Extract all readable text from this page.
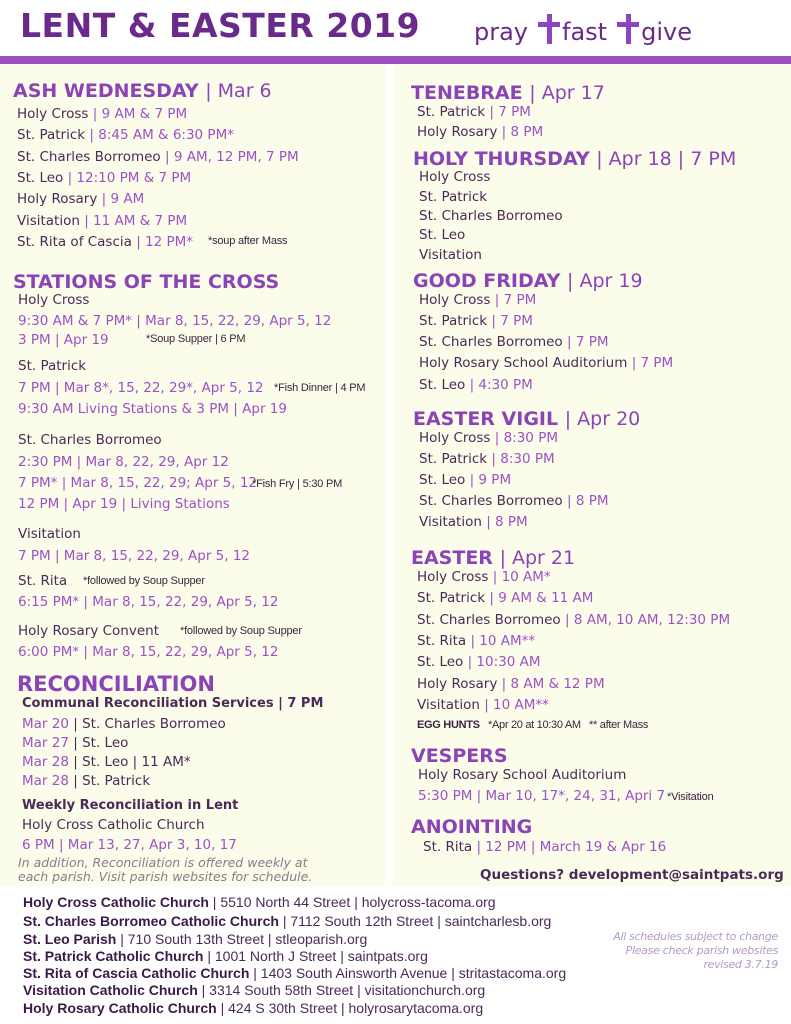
LENT & EASTER 2019 pray fast give
ASH WEDNESDAY | Mar 6
Holy Cross | 9 AM & 7 PM
St. Patrick | 8:45 AM & 6:30 PM*
St. Charles Borromeo | 9 AM, 12 PM, 7 PM
St. Leo | 12:10 PM & 7 PM
Holy Rosary | 9 AM
Visitation | 11 AM & 7 PM
St. Rita of Cascia | 12 PM* *soup after Mass
STATIONS OF THE CROSS
Holy Cross
9:30 AM & 7 PM* | Mar 8, 15, 22, 29, Apr 5, 12
3 PM | Apr 19	*Soup Supper | 6 PM
St. Patrick
7 PM | Mar 8*, 15, 22, 29*, Apr 5, 12 *Fish Dinner | 4 PM
9:30 AM Living Stations & 3 PM | Apr 19
St. Charles Borromeo
2:30 PM | Mar 8, 22, 29, Apr 12
7 PM* | Mar 8, 15, 22, 29; Apr 5, 12
*Fish Fry | 5:30 PM
12 PM | Apr 19 | Living Stations
Visitation
7 PM | Mar 8, 15, 22, 29, Apr 5, 12
St. Rita *followed by Soup Supper
6:15 PM* | Mar 8, 15, 22, 29, Apr 5, 12
Holy Rosary Convent *followed by Soup Supper
6:00 PM* | Mar 8, 15, 22, 29, Apr 5, 12
RECONCILIATION
Communal Reconciliation Services | 7 PM
Mar 20 | St. Charles Borromeo
Mar 27 | St. Leo
Mar 28 | St. Leo | 11 AM*
Mar 28 | St. Patrick
Weekly Reconciliation in Lent
Holy Cross Catholic Church
6 PM | Mar 13, 27, Apr 3, 10, 17
In addition, Reconciliation is offered weekly at each parish. Visit parish websites for schedule.
TENEBRAE | Apr 17
St. Patrick | 7 PM
Holy Rosary | 8 PM
HOLY THURSDAY | Apr 18 | 7 PM
Holy Cross
St. Patrick
St. Charles Borromeo
St. Leo
Visitation
GOOD FRIDAY | Apr 19
Holy Cross | 7 PM
St. Patrick | 7 PM
St. Charles Borromeo | 7 PM
Holy Rosary School Auditorium | 7 PM
St. Leo | 4:30 PM
EASTER VIGIL | Apr 20
Holy Cross | 8:30 PM
St. Patrick | 8:30 PM
St. Leo | 9 PM
St. Charles Borromeo | 8 PM
Visitation | 8 PM
EASTER | Apr 21
Holy Cross | 10 AM*
St. Patrick | 9 AM & 11 AM
St. Charles Borromeo | 8 AM, 10 AM, 12:30 PM
St. Rita | 10 AM**
St. Leo | 10:30 AM
Holy Rosary | 8 AM & 12 PM
Visitation | 10 AM**
EGG HUNTS *Apr 20 at 10:30 AM ** after Mass
VESPERS
Holy Rosary School Auditorium
5:30 PM | Mar 10, 17*, 24, 31, Apri 7 *Visitation
ANOINTING
St. Rita | 12 PM | March 19 & Apr 16
Questions? development@saintpats.org
Holy Cross Catholic Church | 5510 North 44 Street | holycross-tacoma.org
St. Charles Borromeo Catholic Church | 7112 South 12th Street | saintcharlesb.org
St. Leo Parish | 710 South 13th Street | stleoparish.org
St. Patrick Catholic Church | 1001 North J Street | saintpats.org
St. Rita of Cascia Catholic Church | 1403 South Ainsworth Avenue | stritastacoma.org
Visitation Catholic Church | 3314 South 58th Street | visitationchurch.org
Holy Rosary Catholic Church | 424 S 30th Street | holyrosarytacoma.org
All schedules subject to change
Please check parish websites
revised 3.7.19
